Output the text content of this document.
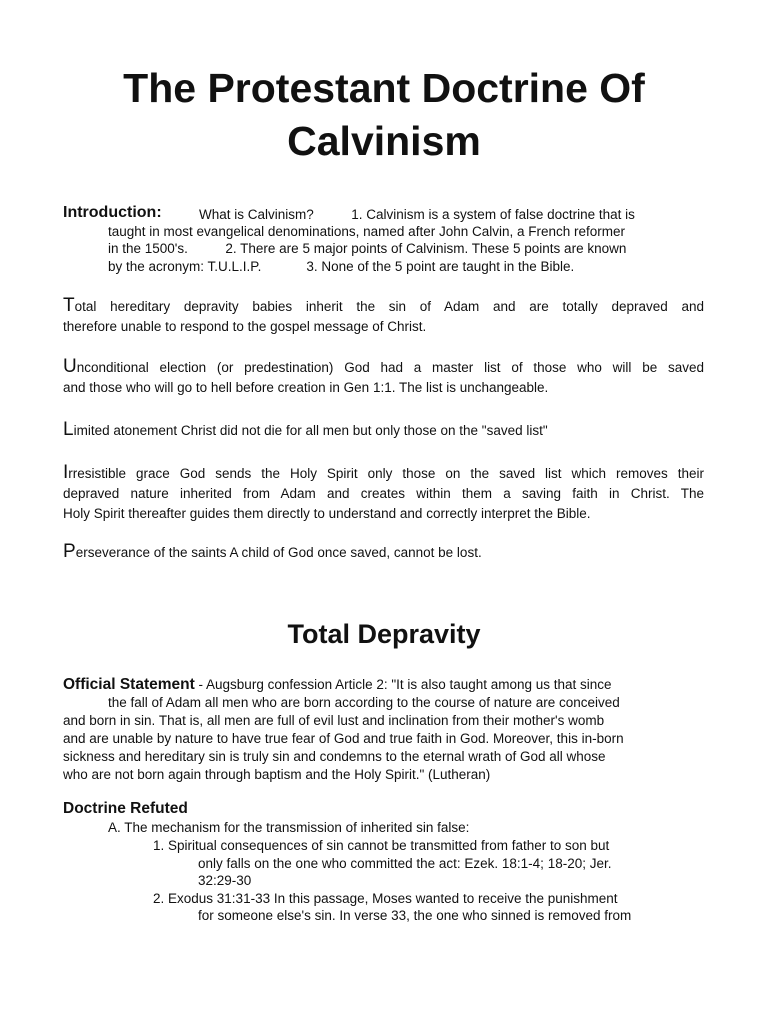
The Protestant Doctrine Of
Calvinism
Introduction:	What is Calvinism?          1. Calvinism is a system of false doctrine that is
taught in most evangelical denominations, named after John Calvin, a French reformer
in the 1500's.          2. There are 5 major points of Calvinism. These 5 points are known
by the acronym: T.U.L.I.P.            3. None of the 5 point are taught in the Bible.
Total hereditary depravity babies inherit the sin of Adam and are totally depraved and
therefore unable to respond to the gospel message of Christ.
Unconditional election (or predestination) God had a master list of those who will be saved
and those who will go to hell before creation in Gen 1:1. The list is unchangeable.
Limited atonement Christ did not die for all men but only those on the "saved list"
Irresistible grace God sends the Holy Spirit only those on the saved list which removes their
depraved nature inherited from Adam and creates within them a saving faith in Christ. The
Holy Spirit thereafter guides them directly to understand and correctly interpret the Bible.
Perseverance of the saints A child of God once saved, cannot be lost.
Total Depravity
Official Statement - Augsburg confession Article 2: "It is also taught among us that since
the fall of Adam all men who are born according to the course of nature are conceived
and born in sin. That is, all men are full of evil lust and inclination from their mother's womb
and are unable by nature to have true fear of God and true faith in God. Moreover, this in-born
sickness and hereditary sin is truly sin and condemns to the eternal wrath of God all whose
who are not born again through baptism and the Holy Spirit." (Lutheran)
Doctrine Refuted
A. The mechanism for the transmission of inherited sin false:
1. Spiritual consequences of sin cannot be transmitted from father to son but
only falls on the one who committed the act: Ezek. 18:1-4; 18-20; Jer.
32:29-30
2. Exodus 31:31-33 In this passage, Moses wanted to receive the punishment
for someone else's sin. In verse 33, the one who sinned is removed from
